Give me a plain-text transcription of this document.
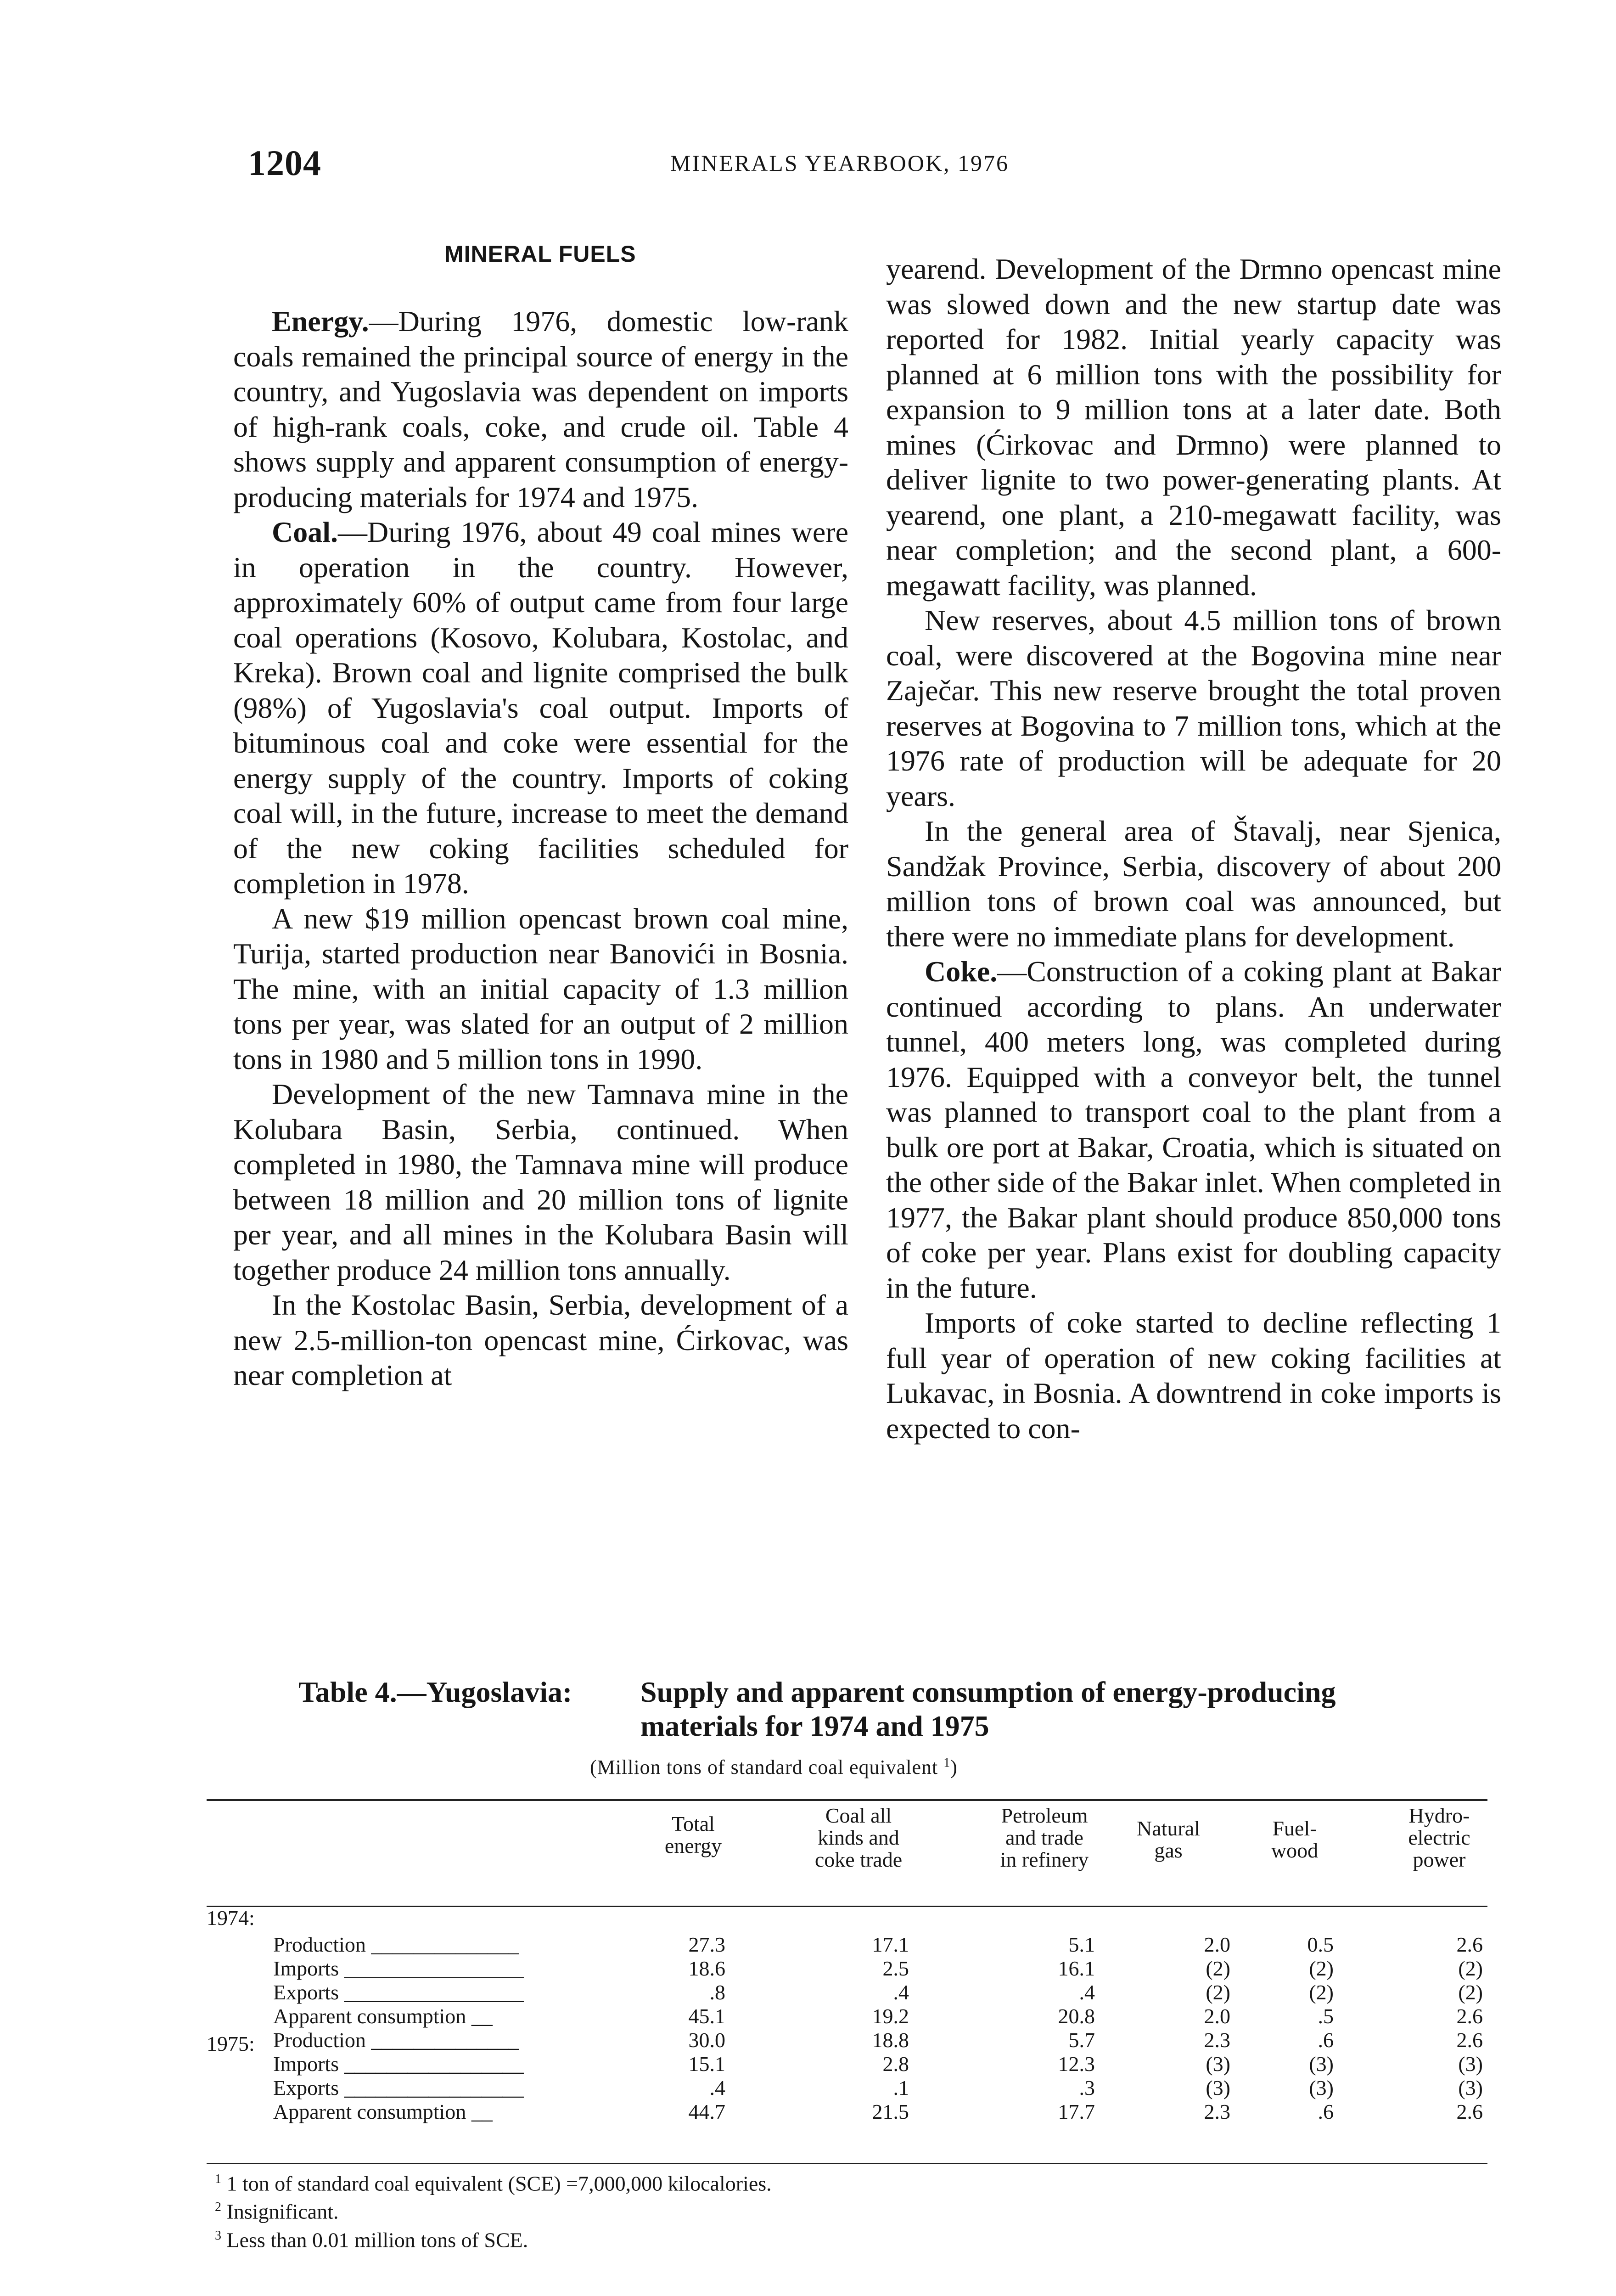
1204	MINERALS YEARBOOK, 1976
MINERAL FUELS

Energy.—During 1976, domestic low-rank coals remained the principal source of energy in the country, and Yugoslavia was dependent on imports of high-rank coals, coke, and crude oil. Table 4 shows supply and apparent consumption of energy-producing materials for 1974 and 1975.

Coal.—During 1976, about 49 coal mines were in operation in the country. However, approximately 60% of output came from four large coal operations (Kosovo, Kolubara, Kostolac, and Kreka). Brown coal and lignite comprised the bulk (98%) of Yugoslavia's coal output. Imports of bituminous coal and coke were essential for the energy supply of the country. Imports of coking coal will, in the future, increase to meet the demand of the new coking facilities scheduled for completion in 1978.

A new $19 million opencast brown coal mine, Turija, started production near Banovići in Bosnia. The mine, with an initial capacity of 1.3 million tons per year, was slated for an output of 2 million tons in 1980 and 5 million tons in 1990.

Development of the new Tamnava mine in the Kolubara Basin, Serbia, continued. When completed in 1980, the Tamnava mine will produce between 18 million and 20 million tons of lignite per year, and all mines in the Kolubara Basin will together produce 24 million tons annually.

In the Kostolac Basin, Serbia, development of a new 2.5-million-ton opencast mine, Ćirkovac, was near completion at

yearend. Development of the Drmno opencast mine was slowed down and the new startup date was reported for 1982. Initial yearly capacity was planned at 6 million tons with the possibility for expansion to 9 million tons at a later date. Both mines (Ćirkovac and Drmno) were planned to deliver lignite to two power-generating plants. At yearend, one plant, a 210-megawatt facility, was near completion; and the second plant, a 600-megawatt facility, was planned.

New reserves, about 4.5 million tons of brown coal, were discovered at the Bogovina mine near Zaječar. This new reserve brought the total proven reserves at Bogovina to 7 million tons, which at the 1976 rate of production will be adequate for 20 years.

In the general area of Štavalj, near Sjenica, Sandžak Province, Serbia, discovery of about 200 million tons of brown coal was announced, but there were no immediate plans for development.

Coke.—Construction of a coking plant at Bakar continued according to plans. An underwater tunnel, 400 meters long, was completed during 1976. Equipped with a conveyor belt, the tunnel was planned to transport coal to the plant from a bulk ore port at Bakar, Croatia, which is situated on the other side of the Bakar inlet. When completed in 1977, the Bakar plant should produce 850,000 tons of coke per year. Plans exist for doubling capacity in the future.

Imports of coke started to decline reflecting 1 full year of operation of new coking facilities at Lukavac, in Bosnia. A downtrend in coke imports is expected to con-

Table 4.—Yugoslavia: Supply and apparent consumption of energy-producing materials for 1974 and 1975
(Million tons of standard coal equivalent $^1$)
Total
energy
Coal all
kinds and
coke trade
Petroleum
and trade
in refinery
Natural
gas
Fuel-
wood
Hydro-
electric
power
1974:
Production ______________	27.3	17.1	5.1	2.0	0.5	2.6
Imports _________________	18.6	2.5	16.1	(2)	(2)	(2)
Exports _________________	.8	.4	.4	(2)	(2)	(2)
Apparent consumption __	45.1	19.2	20.8	2.0	.5	2.6
1975: Production ______________	30.0	18.8	5.7	2.3	.6	2.6
Imports _________________	15.1	2.8	12.3	(3)	(3)	(3)
Exports _________________	.4	.1	.3	(3)	(3)	(3)
Apparent consumption __	44.7	21.5	17.7	2.3	.6	2.6
$^1$ 1 ton of standard coal equivalent (SCE) =7,000,000 kilocalories.
$^2$ Insignificant.
$^3$ Less than 0.01 million tons of SCE.
